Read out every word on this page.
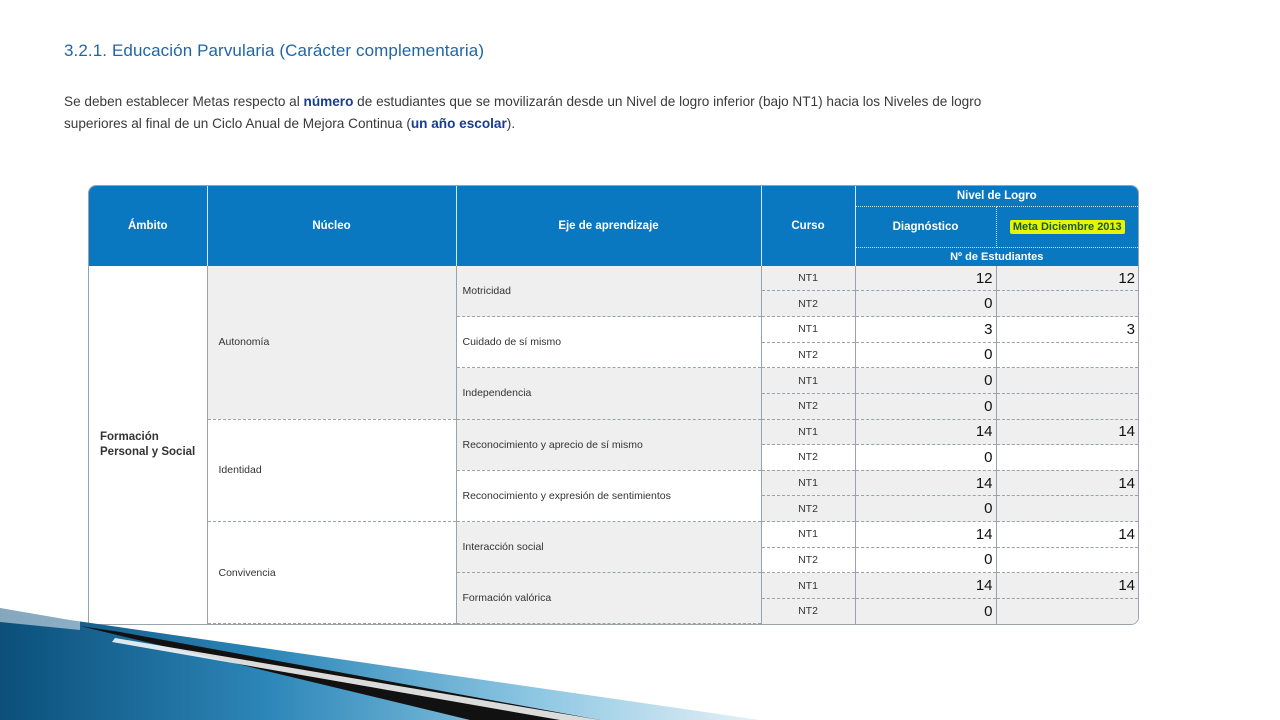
3.2.1. Educación Parvularia (Carácter complementaria)
Se deben establecer Metas respecto al número de estudiantes que se movilizarán desde un Nivel de logro inferior (bajo NT1) hacia los Niveles de logro superiores al final de un Ciclo Anual de Mejora Continua (un año escolar).
Ámbito	Núcleo	Eje de aprendizaje	Curso	Nivel de Logro	
				Diagnóstico	Meta Diciembre 2013
				Nº de Estudiantes	
Formación Personal y Social	Autonomía	Motricidad	NT1	12	12
			NT2	0	
		Cuidado de sí mismo	NT1	3	3
			NT2	0	
		Independencia	NT1	0	
			NT2	0	
	Identidad	Reconocimiento y aprecio de sí mismo	NT1	14	14
			NT2	0	
		Reconocimiento y expresión de sentimientos	NT1	14	14
			NT2	0	
	Convivencia	Interacción social	NT1	14	14
			NT2	0	
		Formación valórica	NT1	14	14
			NT2	0	
